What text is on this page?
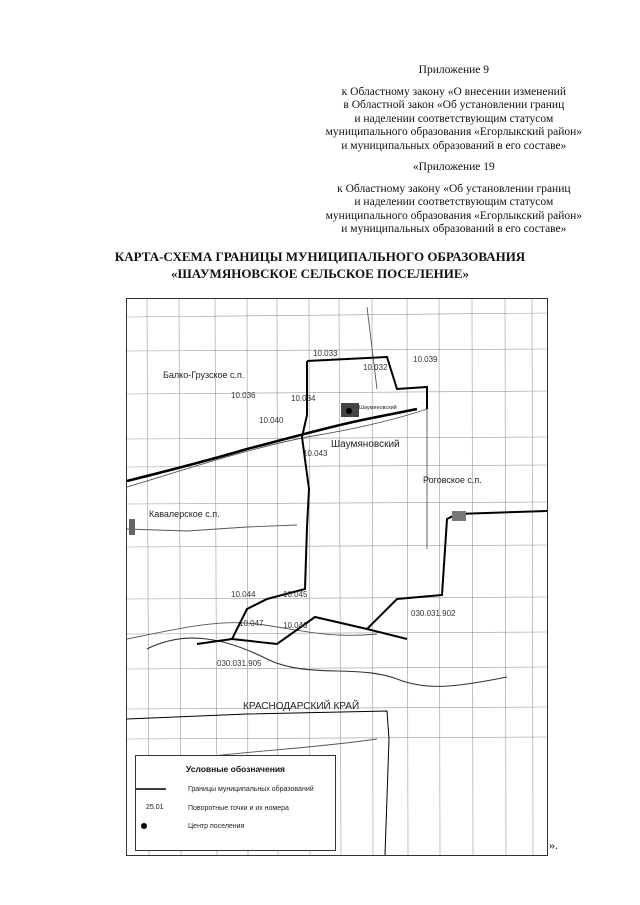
Приложение 9
к Областному закону «О внесении изменений
в Областной закон «Об установлении границ
и наделении соответствующим статусом
муниципального образования «Егорлыкский район»
и муниципальных образований в его составе»
«Приложение 19
к Областному закону «Об установлении границ
и наделении соответствующим статусом
муниципального образования «Егорлыкский район»
и муниципальных образований в его составе»
КАРТА-СХЕМА ГРАНИЦЫ МУНИЦИПАЛЬНОГО ОБРАЗОВАНИЯ
«ШАУМЯНОВСКОЕ СЕЛЬСКОЕ ПОСЕЛЕНИЕ»
Балко-Грузское с.п.
Шаумяновский
Шаумяновский
Роговское с.п.
Кавалерское с.п.
КРАСНОДАРСКИЙ КРАЙ
10.033
10.032
10.039
10.036	10.034
10.040
10.043
10.044	10.045
10.047 10.046
030.031.902
030.031.905
Условные обозначения
Границы муниципальных образований
25.01	Поворотные точки и их номера
Центр поселения
».
